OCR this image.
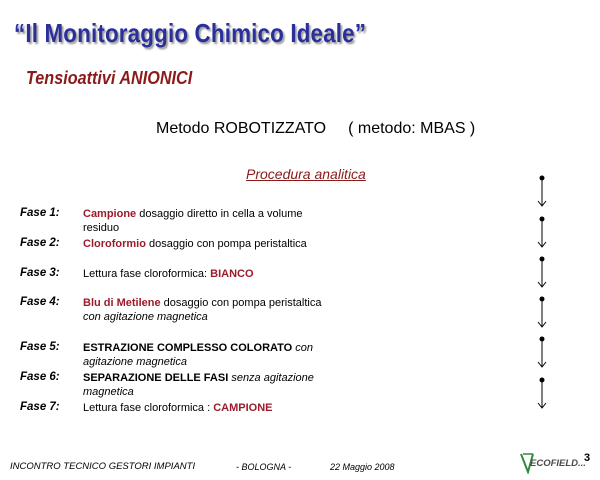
“Il Monitoraggio Chimico Ideale”
Tensioattivi ANIONICI
Metodo ROBOTIZZATO ( metodo: MBAS )
Procedura analitica
Fase 1: Campione dosaggio diretto in cella a volume residuo
Fase 2: Cloroformio dosaggio con pompa peristaltica
Fase 3: Lettura fase cloroformica: BIANCO
Fase 4: Blu di Metilene dosaggio con pompa peristaltica con agitazione magnetica
Fase 5: ESTRAZIONE COMPLESSO COLORATO con agitazione magnetica
Fase 6: SEPARAZIONE DELLE FASI senza agitazione magnetica
Fase 7: Lettura fase cloroformica : CAMPIONE
INCONTRO TECNICO GESTORI IMPIANTI	- BOLOGNA -	22 Maggio 2008	ECOFIELD...
3
